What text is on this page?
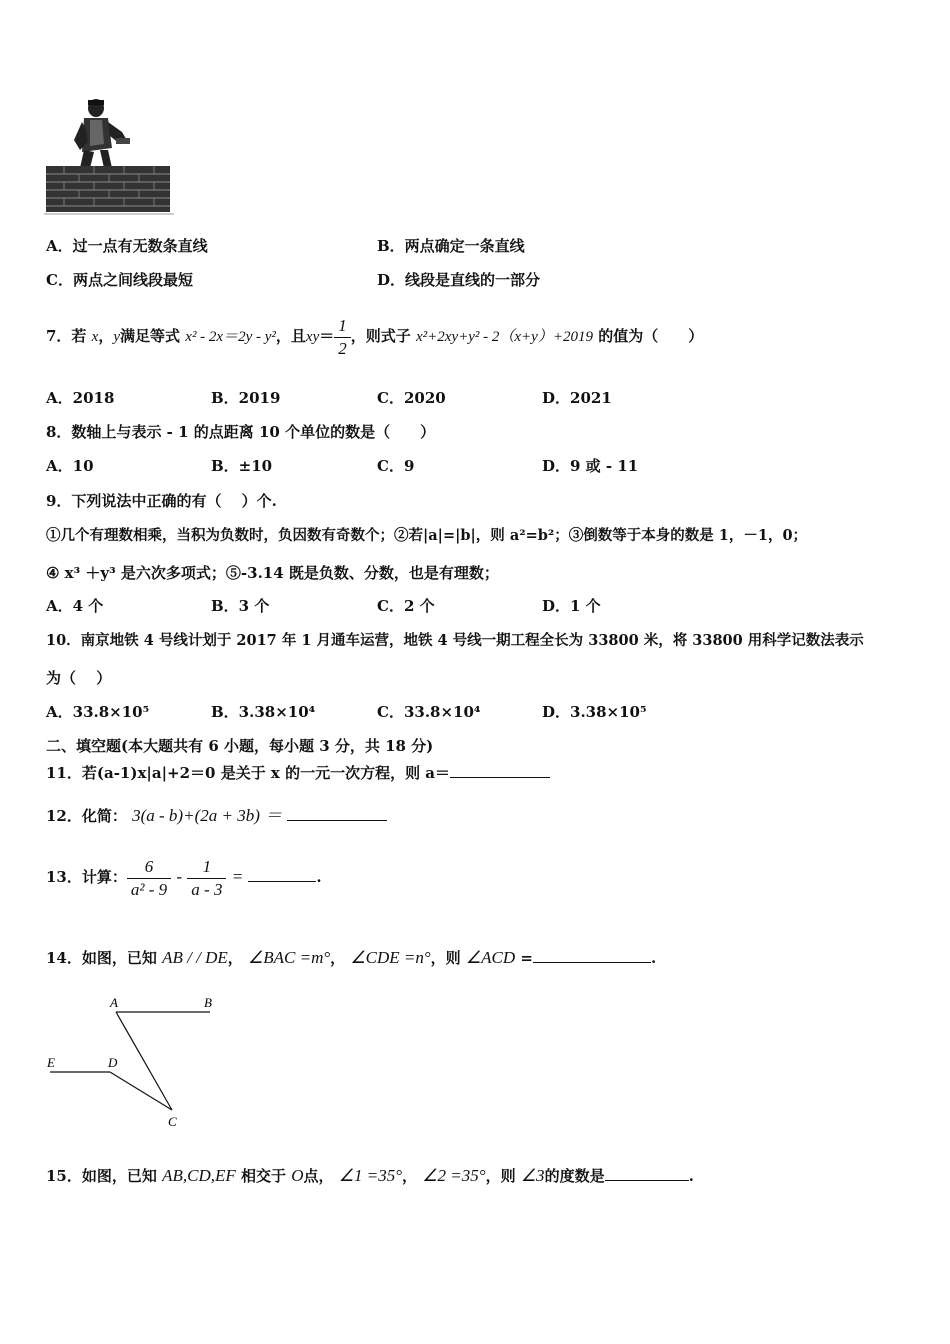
A．过一点有无数条直线	B．两点确定一条直线
C．两点之间线段最短	D．线段是直线的一部分
7．若 x，y满足等式 x² - 2x＝2y - y²，且$xy= \frac{1}{2}$ ，则式子 x²+2xy+y² - 2（x+y）+2019 的值为（　　）
A．2018	B．2019	C．2020	D．2021
8．数轴上与表示 - 1 的点距离 10 个单位的数是（　　）
A．10	B．±10	C．9	D．9 或 - 11
9．下列说法中正确的有（　 ）个.
①几个有理数相乘，当积为负数时，负因数有奇数个；②若|a|=|b|，则 a²=b²；③倒数等于本身的数是 1，－1，0；
④ x³ ＋y³ 是六次多项式；⑤-3.14 既是负数、分数，也是有理数；
A．4 个	B．3 个	C．2 个	D．1 个
10．南京地铁 4 号线计划于 2017 年 1 月通车运营，地铁 4 号线一期工程全长为 33800 米，将 33800 用科学记数法表示
为（　 ）
A．33.8×10⁵	B．3.38×10⁴	C．33.8×10⁴	D．3.38×10⁵
二、填空题(本大题共有 6 小题，每小题 3 分，共 18 分)
11．若(a-1)x|a|+2＝0 是关于 x 的一元一次方程，则 a＝
12．化简： 3(a - b)+(2a + 3b) ＝
13．计算： $\frac{6}{\text{a² - 9}} - \frac{1}{a - 3}$ =	.
14．如图，已知 AB / / DE， ∠BAC =m°， ∠CDE =n°，则 ∠ACD =	.
A	B
E	D
C
15．如图，已知 AB,CD,EF 相交于 O点， ∠1 =35°， ∠2 =35°，则 ∠3的度数是	.
